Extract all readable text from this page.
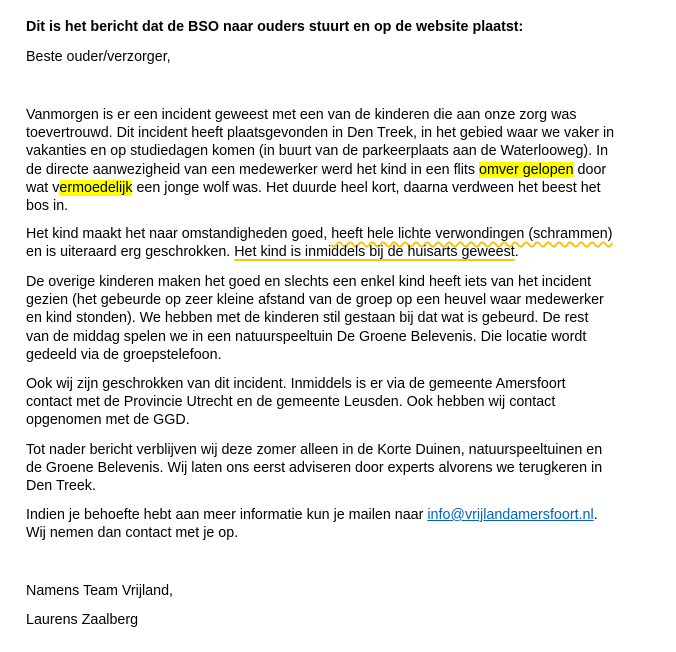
Dit is het bericht dat de BSO naar ouders stuurt en op de website plaatst:

Beste ouder/verzorger,

Vanmorgen is er een incident geweest met een van de kinderen die aan onze zorg was
toevertrouwd. Dit incident heeft plaatsgevonden in Den Treek, in het gebied waar we vaker in
vakanties en op studiedagen komen (in buurt van de parkeerplaats aan de Waterlooweg). In
de directe aanwezigheid van een medewerker werd het kind in een flits omver gelopen door
wat vermoedelijk een jonge wolf was. Het duurde heel kort, daarna verdween het beest het
bos in.
Het kind maakt het naar omstandigheden goed, heeft hele lichte verwondingen (schrammen)
en is uiteraard erg geschrokken. Het kind is inmiddels bij de huisarts geweest.
De overige kinderen maken het goed en slechts een enkel kind heeft iets van het incident
gezien (het gebeurde op zeer kleine afstand van de groep op een heuvel waar medewerker
en kind stonden). We hebben met de kinderen stil gestaan bij dat wat is gebeurd. De rest
van de middag spelen we in een natuurspeeltuin De Groene Belevenis. Die locatie wordt
gedeeld via de groepstelefoon.
Ook wij zijn geschrokken van dit incident. Inmiddels is er via de gemeente Amersfoort
contact met de Provincie Utrecht en de gemeente Leusden. Ook hebben wij contact
opgenomen met de GGD.
Tot nader bericht verblijven wij deze zomer alleen in de Korte Duinen, natuurspeeltuinen en
de Groene Belevenis. Wij laten ons eerst adviseren door experts alvorens we terugkeren in
Den Treek.
Indien je behoefte hebt aan meer informatie kun je mailen naar info@vrijlandamersfoort.nl.
Wij nemen dan contact met je op.

Namens Team Vrijland,

Laurens Zaalberg
